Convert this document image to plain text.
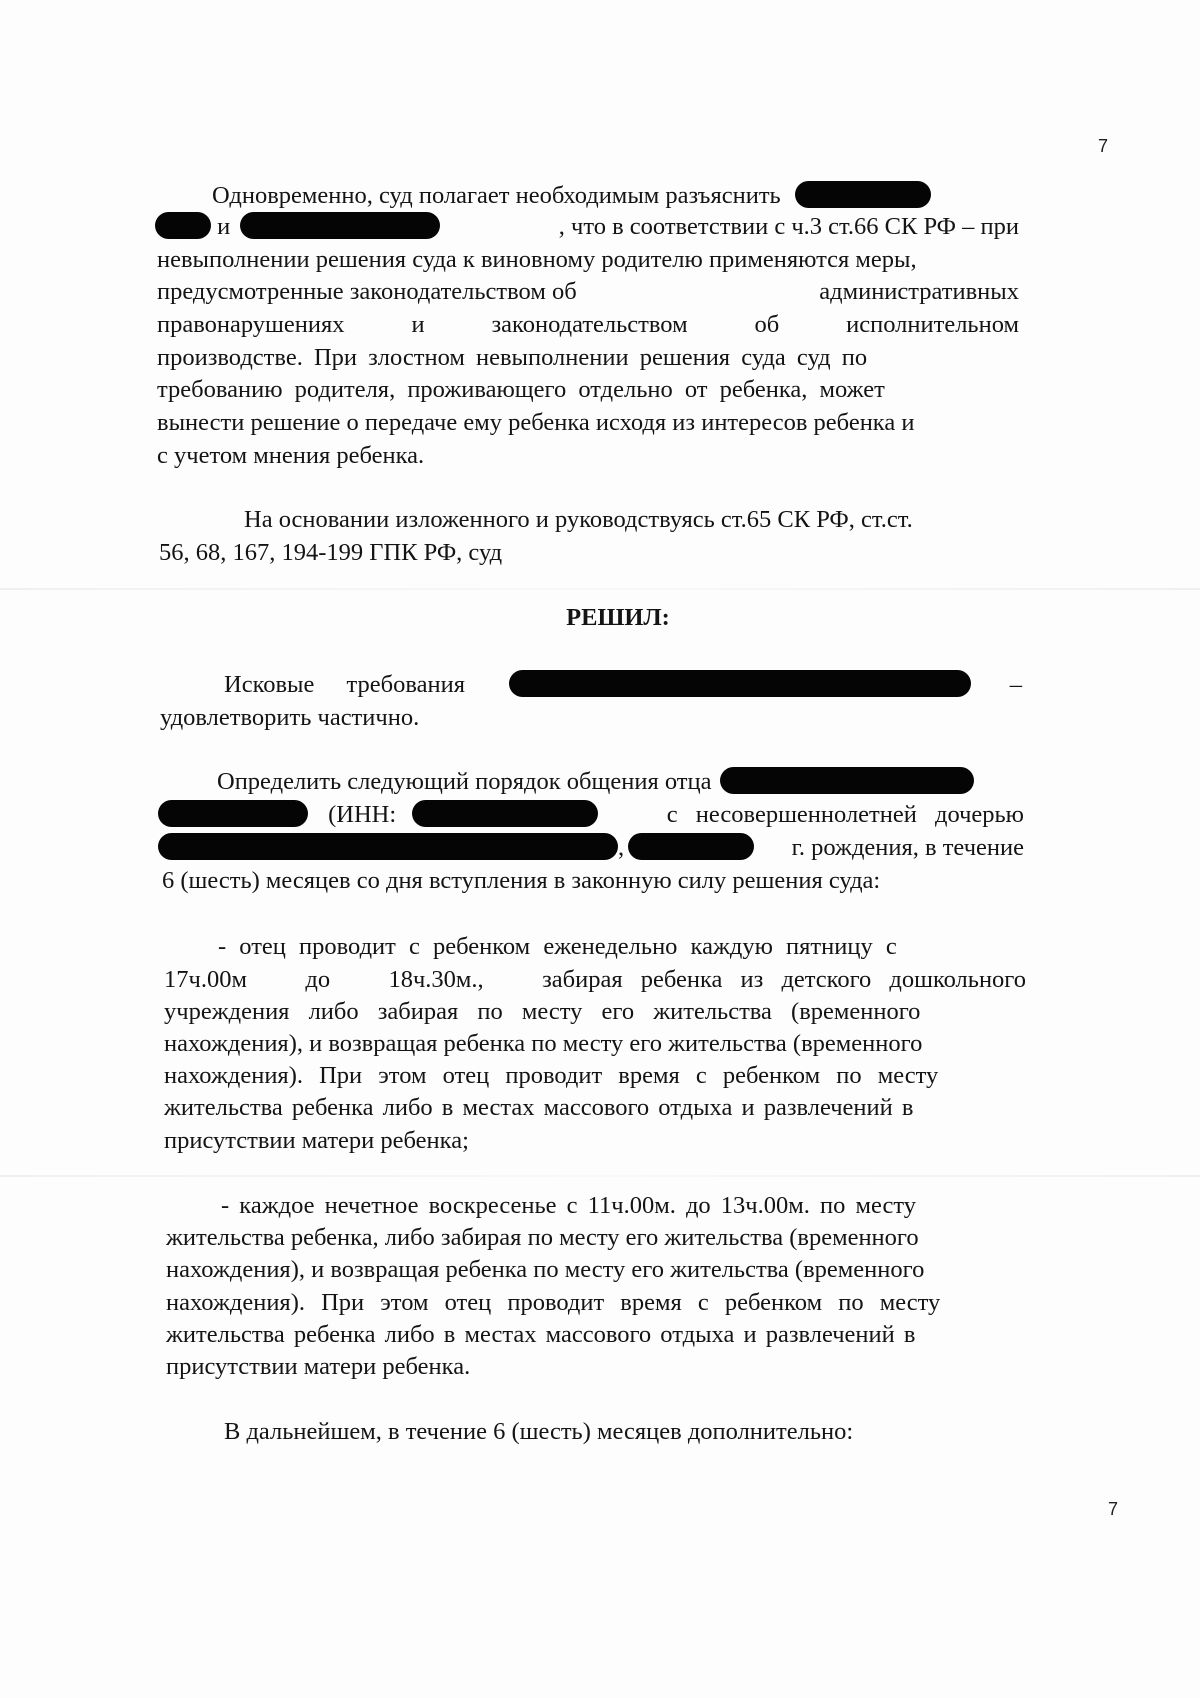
7
Одновременно, суд полагает необходимым разъяснить
и	, что в соответствии с ч.3 ст.66 СК РФ – при
невыполнении решения суда к виновному родителю применяются меры,
предусмотренные законодательством об	административных
правонарушениях	и	законодательством	об	исполнительном
производстве. При злостном невыполнении решения суда суд по
требованию родителя, проживающего отдельно от ребенка, может
вынести решение о передаче ему ребенка исходя из интересов ребенка и
с учетом мнения ребенка.
На основании изложенного и руководствуясь ст.65 СК РФ, ст.ст.
56, 68, 167, 194-199 ГПК РФ, суд
РЕШИЛ:
Исковые требования	–
удовлетворить частично.
Определить следующий порядок общения отца
(ИНН:	с несовершеннолетней дочерью
,	г. рождения, в течение
6 (шесть) месяцев со дня вступления в законную силу решения суда:
- отец проводит с ребенком еженедельно каждую пятницу с
17ч.00м до 18ч.30м., забирая ребенка из детского дошкольного
учреждения либо забирая по месту его жительства (временного
нахождения), и возвращая ребенка по месту его жительства (временного
нахождения). При этом отец проводит время с ребенком по месту
жительства ребенка либо в местах массового отдыха и развлечений в
присутствии матери ребенка;
- каждое нечетное воскресенье с 11ч.00м. до 13ч.00м. по месту
жительства ребенка, либо забирая по месту его жительства (временного
нахождения), и возвращая ребенка по месту его жительства (временного
нахождения). При этом отец проводит время с ребенком по месту
жительства ребенка либо в местах массового отдыха и развлечений в
присутствии матери ребенка.
В дальнейшем, в течение 6 (шесть) месяцев дополнительно:
7
